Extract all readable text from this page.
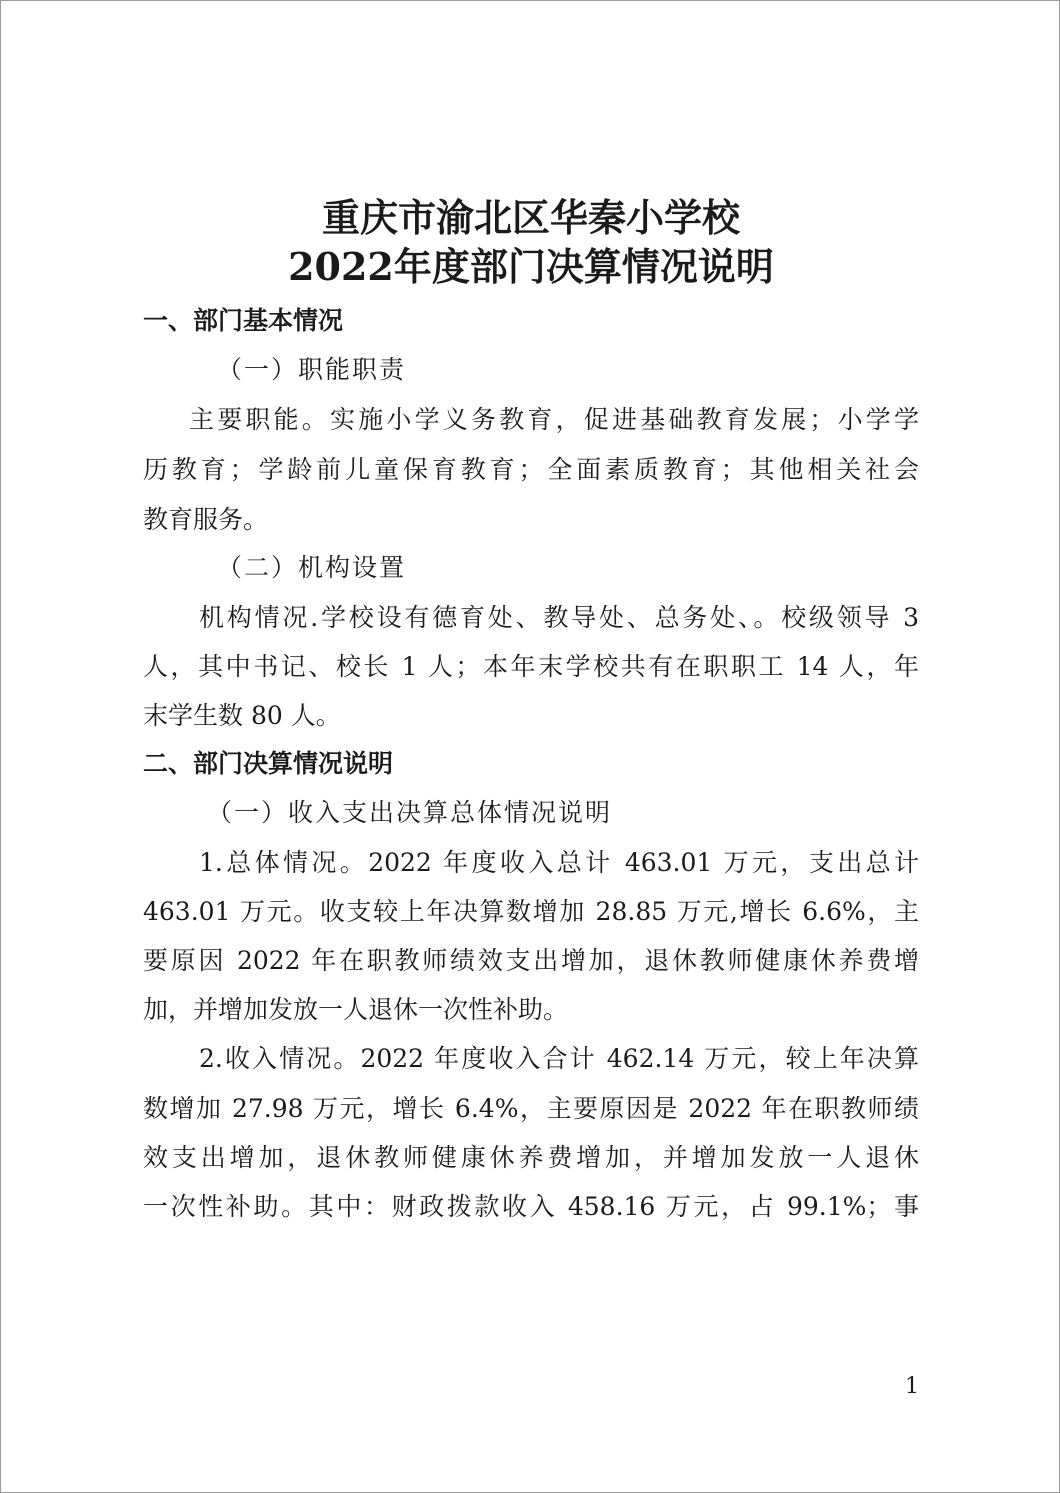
重庆市渝北区华秦小学校
2022年度部门决算情况说明
一、部门基本情况
（一）职能职责
主要职能。实施小学义务教育，促进基础教育发展；小学学
历教育；学龄前儿童保育教育；全面素质教育；其他相关社会
教育服务。
（二）机构设置
机构情况.学校设有德育处、教导处、总务处、。校级领导 3
人，其中书记、校长 1 人；本年末学校共有在职职工 14 人，年
末学生数 80 人。
二、部门决算情况说明
（一）收入支出决算总体情况说明
1.总体情况。2022 年度收入总计 463.01 万元，支出总计
463.01 万元。收支较上年决算数增加 28.85 万元,增长 6.6%，主
要原因 2022 年在职教师绩效支出增加，退休教师健康休养费增
加，并增加发放一人退休一次性补助。
2.收入情况。2022 年度收入合计 462.14 万元，较上年决算
数增加 27.98 万元，增长 6.4%，主要原因是 2022 年在职教师绩
效支出增加，退休教师健康休养费增加，并增加发放一人退休
一次性补助。其中：财政拨款收入 458.16 万元，占 99.1%；事
1
